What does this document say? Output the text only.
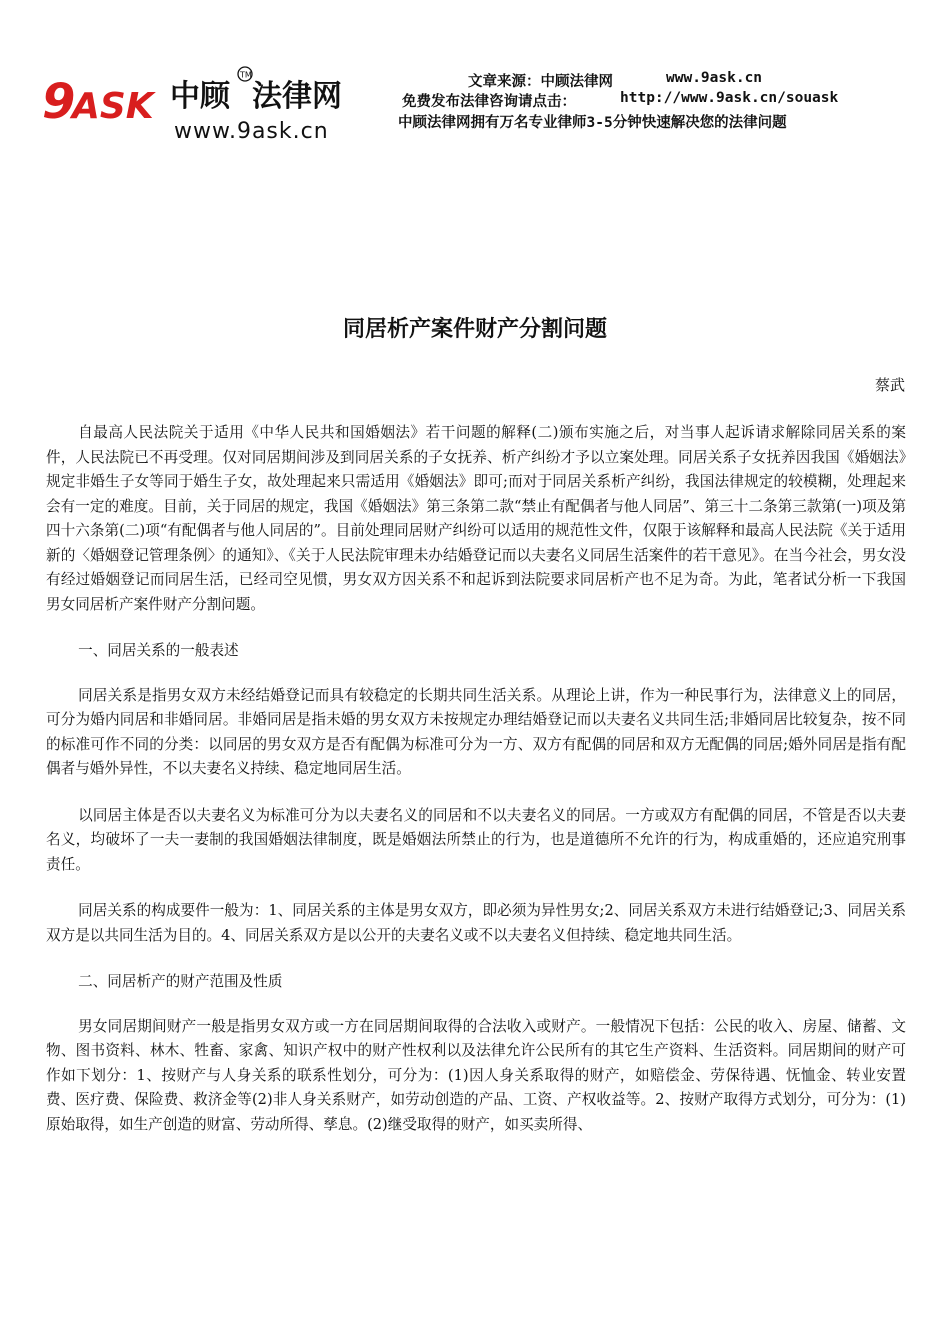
9
ASK 中顾 法律网
TM
www.9ask.cn
文章来源：中顾法律网	www.9ask.cn
免费发布法律咨询请点击：	http://www.9ask.cn/souask
中顾法律网拥有万名专业律师3-5分钟快速解决您的法律问题
同居析产案件财产分割问题
蔡武

自最高人民法院关于适用《中华人民共和国婚姻法》若干问题的解释(二)颁布实施之后，对当事人起诉请求解除同居关系的案件，人民法院已不再受理。仅对同居期间涉及到同居关系的子女抚养、析产纠纷才予以立案处理。同居关系子女抚养因我国《婚姻法》规定非婚生子女等同于婚生子女，故处理起来只需适用《婚姻法》即可;而对于同居关系析产纠纷，我国法律规定的较模糊，处理起来会有一定的难度。目前，关于同居的规定，我国《婚姻法》第三条第二款“禁止有配偶者与他人同居”、第三十二条第三款第(一)项及第四十六条第(二)项“有配偶者与他人同居的”。目前处理同居财产纠纷可以适用的规范性文件，仅限于该解释和最高人民法院《关于适用新的〈婚姻登记管理条例〉的通知》、《关于人民法院审理未办结婚登记而以夫妻名义同居生活案件的若干意见》。在当今社会，男女没有经过婚姻登记而同居生活，已经司空见惯，男女双方因关系不和起诉到法院要求同居析产也不足为奇。为此，笔者试分析一下我国男女同居析产案件财产分割问题。

一、同居关系的一般表述

同居关系是指男女双方未经结婚登记而具有较稳定的长期共同生活关系。从理论上讲，作为一种民事行为，法律意义上的同居，可分为婚内同居和非婚同居。非婚同居是指未婚的男女双方未按规定办理结婚登记而以夫妻名义共同生活;非婚同居比较复杂，按不同的标准可作不同的分类：以同居的男女双方是否有配偶为标准可分为一方、双方有配偶的同居和双方无配偶的同居;婚外同居是指有配偶者与婚外异性，不以夫妻名义持续、稳定地同居生活。

以同居主体是否以夫妻名义为标准可分为以夫妻名义的同居和不以夫妻名义的同居。一方或双方有配偶的同居，不管是否以夫妻名义，均破坏了一夫一妻制的我国婚姻法律制度，既是婚姻法所禁止的行为，也是道德所不允许的行为，构成重婚的，还应追究刑事责任。

同居关系的构成要件一般为：1、同居关系的主体是男女双方，即必须为异性男女;2、同居关系双方未进行结婚登记;3、同居关系双方是以共同生活为目的。4、同居关系双方是以公开的夫妻名义或不以夫妻名义但持续、稳定地共同生活。

二、同居析产的财产范围及性质

男女同居期间财产一般是指男女双方或一方在同居期间取得的合法收入或财产。一般情况下包括：公民的收入、房屋、储蓄、文物、图书资料、林木、牲畜、家禽、知识产权中的财产性权利以及法律允许公民所有的其它生产资料、生活资料。同居期间的财产可作如下划分：1、按财产与人身关系的联系性划分，可分为：(1)因人身关系取得的财产，如赔偿金、劳保待遇、怃恤金、转业安置费、医疗费、保险费、救济金等(2)非人身关系财产，如劳动创造的产品、工资、产权收益等。2、按财产取得方式划分，可分为：(1)原始取得，如生产创造的财富、劳动所得、孳息。(2)继受取得的财产，如买卖所得、
